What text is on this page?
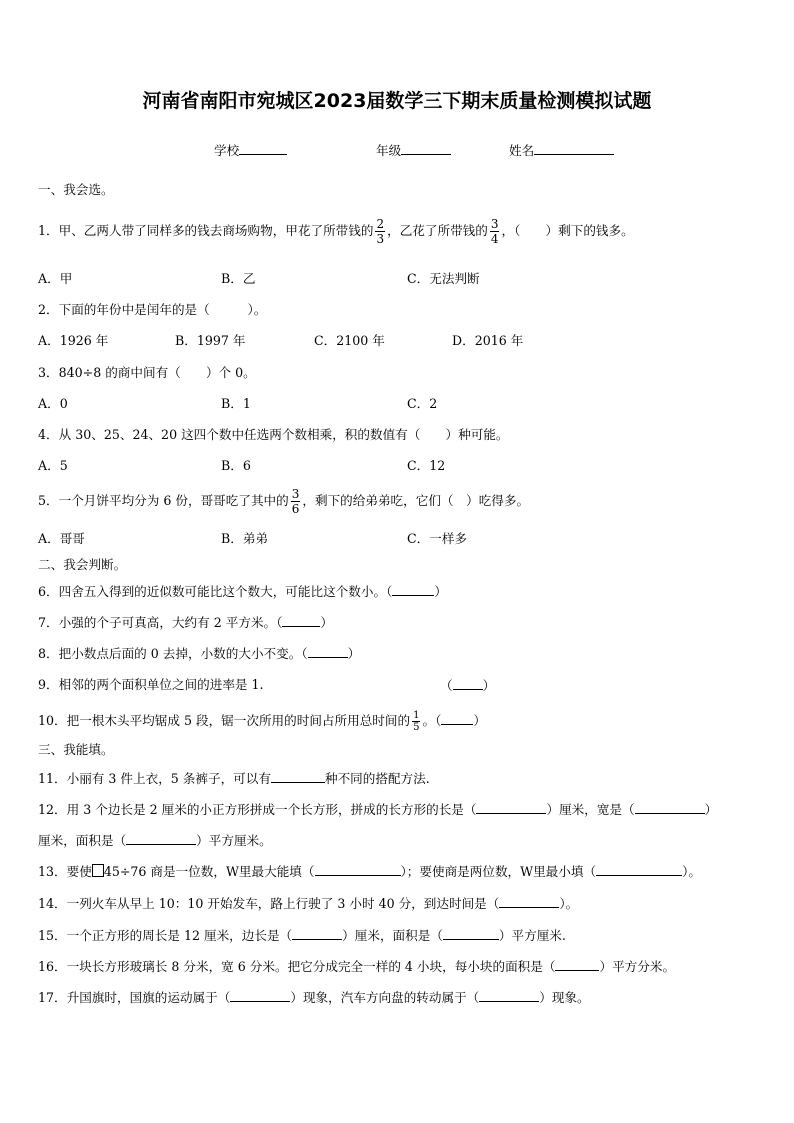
河南省南阳市宛城区2023届数学三下期末质量检测模拟试题
学校	年级	姓名
一、我会选。
1．甲、乙两人带了同样多的钱去商场购物，甲花了所带钱的 $\frac{2}{3}$ ，乙花了所带钱的 $\frac{3}{4}$ ，（　　）剩下的钱多。
A．甲	B．乙	C．无法判断
2．下面的年份中是闰年的是（　　　）。
A．1926 年	B．1997 年	C．2100 年	D．2016 年
3．840÷8 的商中间有（　　）个 0。
A．0	B．1	C．2
4．从 30、25、24、20 这四个数中任选两个数相乘，积的数值有（　　）种可能。
A．5	B．6	C．12
5．一个月饼平均分为 6 份，哥哥吃了其中的 $\frac{3}{6}$ ，剩下的给弟弟吃，它们（　）吃得多。
A．哥哥	B．弟弟	C．一样多
二、我会判断。
6．四舍五入得到的近似数可能比这个数大，可能比这个数小。（	）
7．小强的个子可真高，大约有 2 平方米。（	）
8．把小数点后面的 0 去掉，小数的大小不变。（	）
9．相邻的两个面积单位之间的进率是 1.	（ ）
10．把一根木头平均锯成 5 段，锯一次所用的时间占所用总时间的 $\frac{1}{5}$ 。（	）
三、我能填。
11．小丽有 3 件上衣，5 条裤子，可以有	种不同的搭配方法.
12．用 3 个边长是 2 厘米的小正方形拼成一个长方形，拼成的长方形的长是（	）厘米，宽是（	）
厘米，面积是（	）平方厘米。
13．要使 45÷76 商是一位数，W里最大能填（	）；要使商是两位数，W里最小填（	）。
14．一列火车从早上 10：10 开始发车，路上行驶了 3 小时 40 分，到达时间是（	）。
15．一个正方形的周长是 12 厘米，边长是（	）厘米，面积是（	）平方厘米.
16．一块长方形玻璃长 8 分米，宽 6 分米。把它分成完全一样的 4 小块，每小块的面积是（	）平方分米。
17．升国旗时，国旗的运动属于（	）现象，汽车方向盘的转动属于（	）现象。
